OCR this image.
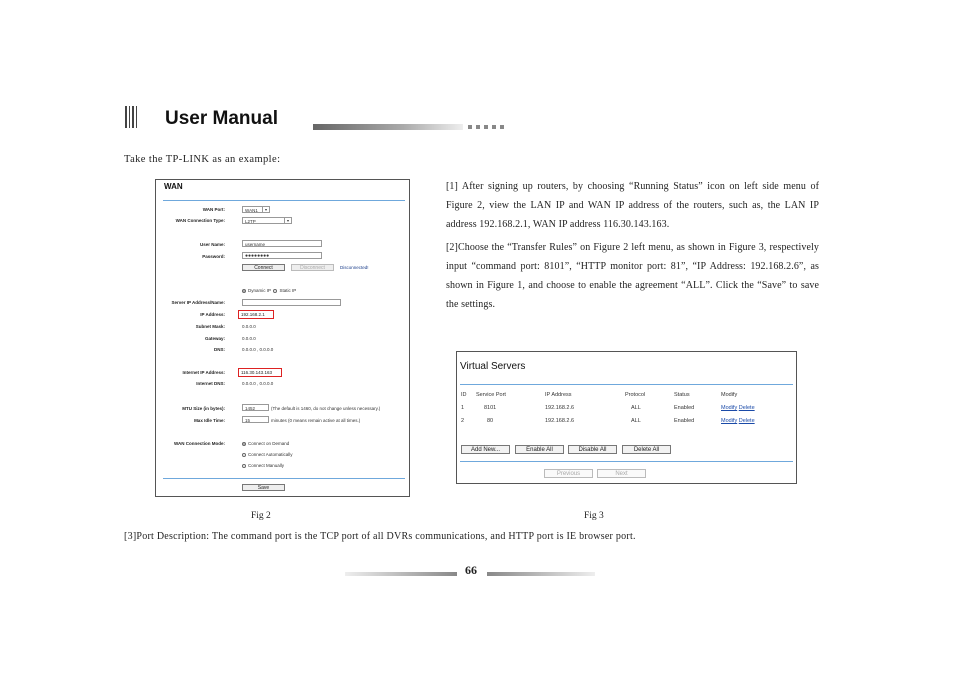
User Manual
Take the TP-LINK as an example:
WAN
WAN Port:	WAN1	▾
WAN Connection Type:	L2TP	▾
User Name:	username
Password:	●●●●●●●●
Connect	Disconnect	Disconnected!
Dynamic IP Static IP
Server IP Address/Name:
IP Address:	192.168.2.1
Subnet Mask:	0.0.0.0
Gateway:	0.0.0.0
DNS:	0.0.0.0 , 0.0.0.0
Internet IP Address:	116.30.143.163
Internet DNS:	0.0.0.0 , 0.0.0.0
MTU Size (in bytes):	1452	(The default is 1460, do not change unless necessary.)
Max Idle Time:	15	minutes (0 means remain active at all times.)
WAN Connection Mode:	Connect on Demand
Connect Automatically
Connect Manually
Save
[1] After signing up routers, by choosing “Running Status” icon on left side menu of Figure 2, view the LAN IP and WAN IP address of the routers, such as, the LAN IP address 192.168.2.1, WAN IP address 116.30.143.163.
[2]Choose the “Transfer Rules” on Figure 2 left menu, as shown in Figure 3, respectively input “command port: 8101”, “HTTP monitor port: 81”, “IP Address: 192.168.2.6”, as shown in Figure 1, and choose to enable the agreement “ALL”. Click the “Save” to save the settings.
Virtual Servers
ID Service Port	IP Address	Protocol	Status	Modify
1	8101	192.168.2.6	ALL	Enabled	Modify Delete
2	80	192.168.2.6	ALL	Enabled	Modify Delete
Add New...	Enable All	Disable All	Delete All
Previous	Next
Fig 2	Fig 3
[3]Port Description: The command port is the TCP port of all DVRs communications, and HTTP port is IE browser port.
66
